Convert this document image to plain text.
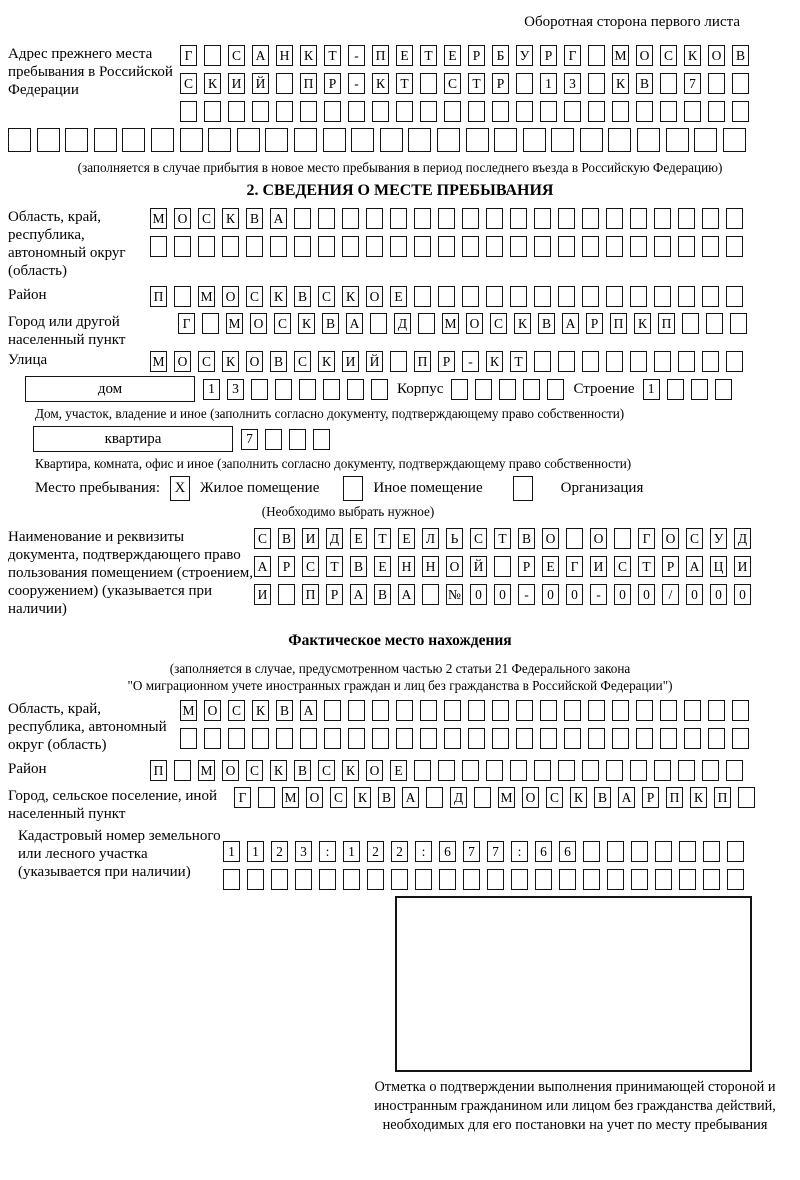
Оборотная сторона первого листа
Адрес прежнего места пребывания в Российской Федерации
Г	С А Н К	Т	-	П	Е	Т	Е	Р	Б	У	Р	Г	М О С К О В
С К И Й	П	Р	-	К	Т	С	Т	Р	1	3	К В	7
(заполняется в случае прибытия в новое место пребывания в период последнего въезда в Российскую Федерацию)
2. СВЕДЕНИЯ О МЕСТЕ ПРЕБЫВАНИЯ
Область, край, республика, автономный округ (область)
М О С К В А
Район	П	М О С К В С К О	Е
Город или другой населенный пункт
Г	М О С К В А	Д	М О С К В А	Р	П К П
Улица	М О С К О В С К И Й	П	Р	-	К	Т
дом	1	3	Корпус	Строение 1
Дом, участок, владение и иное (заполнить согласно документу, подтверждающему право собственности)
квартира	7
Квартира, комната, офис и иное (заполнить согласно документу, подтверждающему право собственности)
Место пребывания: X Жилое помещение	Иное помещение	Организация
(Необходимо выбрать нужное)
Наименование и реквизиты документа, подтверждающего право пользования помещением (строением, сооружением) (указывается при наличии)
С В И Д	Е	Т	Е	Л	Ь	С	Т	В О	О	Г	О С У Д
А	Р	С	Т	В	Е	Н Н О Й	Р	Е	Г	И С	Т	Р	А Ц И
И	П	Р	А В А	№	0	0	-	0	0	-	0	0	/	0	0	0
Фактическое место нахождения
(заполняется в случае, предусмотренном частью 2 статьи 21 Федерального закона
"О миграционном учете иностранных граждан и лиц без гражданства в Российской Федерации")
Область, край, республика, автономный округ (область)
М О С К В А
Район	П	М О С К В С К О	Е
Город, сельское поселение, иной населенный пункт
Г	М О С К В А	Д	М О С К В А	Р	П К П
Кадастровый номер земельного или лесного участка (указывается при наличии)
1	1	2	3	:	1	2	2	:	6	7	7	:	6	6
Отметка о подтверждении выполнения принимающей стороной и иностранным гражданином или лицом без гражданства действий, необходимых для его постановки на учет по месту пребывания
